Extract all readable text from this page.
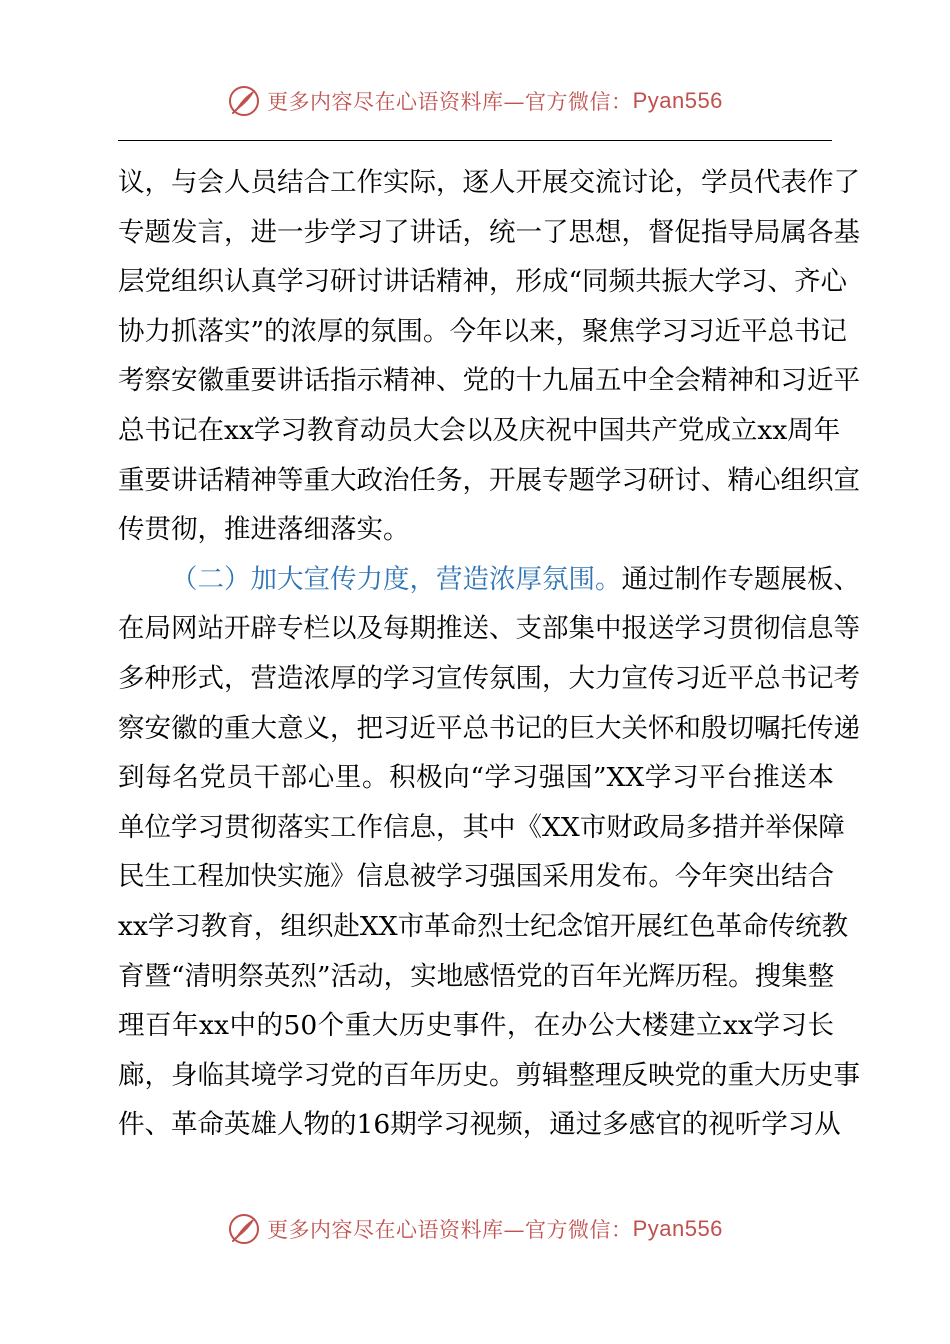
更多内容尽在心语资料库—官方微信： Pyan556
议，与会人员结合工作实际，逐人开展交流讨论，学员代表作了
专题发言，进一步学习了讲话，统一了思想，督促指导局属各基
层党组织认真学习研讨讲话精神，形成“同频共振大学习、齐心
协力抓落实”的浓厚的氛围。今年以来，聚焦学习习近平总书记
考察安徽重要讲话指示精神、党的十九届五中全会精神和习近平
总书记在xx学习教育动员大会以及庆祝中国共产党成立xx周年
重要讲话精神等重大政治任务，开展专题学习研讨、精心组织宣
传贯彻，推进落细落实。
（二）加大宣传力度，营造浓厚氛围。通过制作专题展板、
在局网站开辟专栏以及每期推送、支部集中报送学习贯彻信息等
多种形式，营造浓厚的学习宣传氛围，大力宣传习近平总书记考
察安徽的重大意义，把习近平总书记的巨大关怀和殷切嘱托传递
到每名党员干部心里。积极向“学习强国”XX学习平台推送本
单位学习贯彻落实工作信息，其中《XX市财政局多措并举保障
民生工程加快实施》信息被学习强国采用发布。今年突出结合
xx学习教育，组织赴XX市革命烈士纪念馆开展红色革命传统教
育暨“清明祭英烈”活动，实地感悟党的百年光辉历程。搜集整
理百年xx中的50个重大历史事件，在办公大楼建立xx学习长
廊，身临其境学习党的百年历史。剪辑整理反映党的重大历史事
件、革命英雄人物的16期学习视频，通过多感官的视听学习从
更多内容尽在心语资料库—官方微信： Pyan556
